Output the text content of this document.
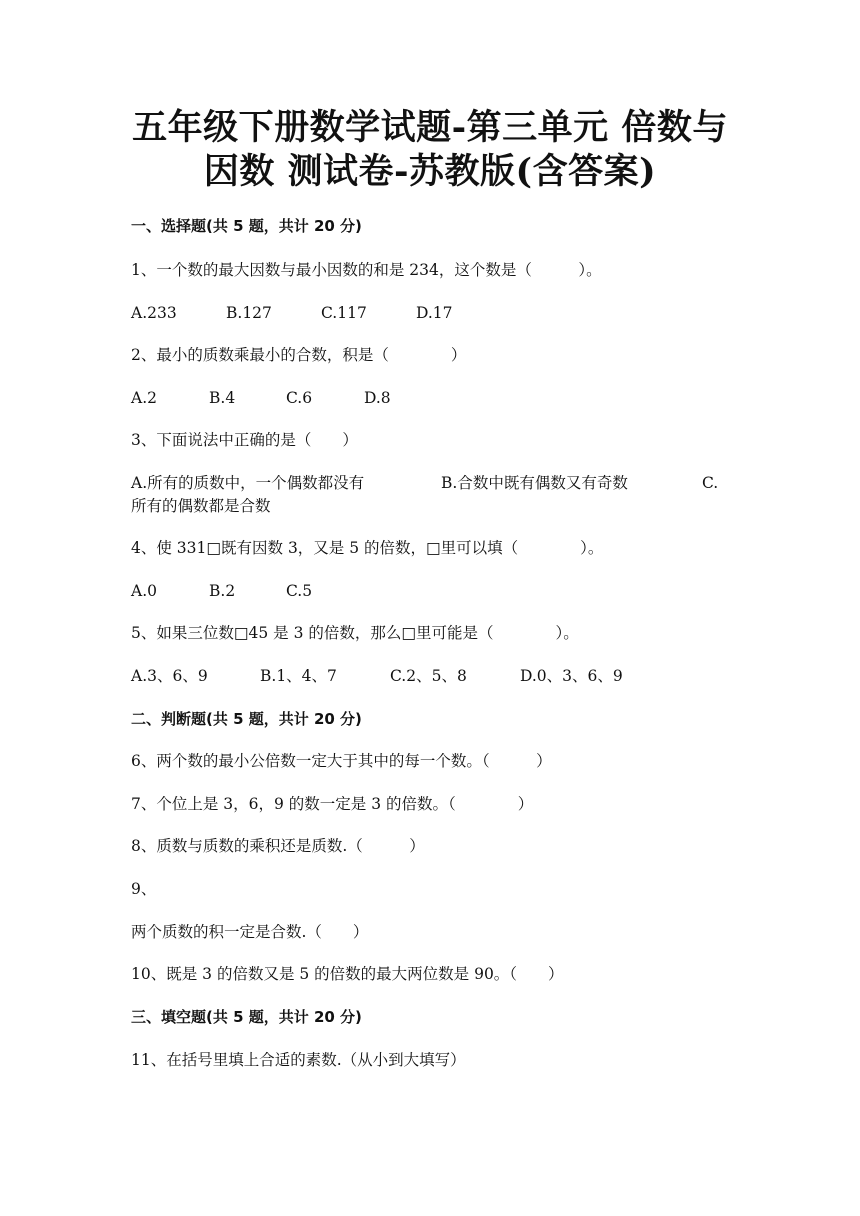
五年级下册数学试题-第三单元 倍数与
因数 测试卷-苏教版(含答案)
一、选择题(共 5 题，共计 20 分)
1、一个数的最大因数与最小因数的和是 234，这个数是（　　　）。
A.233	B.127	C.117	D.17
2、最小的质数乘最小的合数，积是（　　　　）
A.2	B.4	C.6	D.8
3、下面说法中正确的是（　　）
A.所有的质数中，一个偶数都没有	B.合数中既有偶数又有奇数	C.
所有的偶数都是合数
4、使 331□既有因数 3，又是 5 的倍数，□里可以填（　　　　）。
A.0	B.2	C.5
5、如果三位数□45 是 3 的倍数，那么□里可能是（　　　　）。
A.3、6、9	B.1、4、7	C.2、5、8	D.0、3、6、9
二、判断题(共 5 题，共计 20 分)
6、两个数的最小公倍数一定大于其中的每一个数。（　　　）
7、个位上是 3，6，9 的数一定是 3 的倍数。（　　　　）
8、质数与质数的乘积还是质数.（　　　）
9、
两个质数的积一定是合数.（　　）
10、既是 3 的倍数又是 5 的倍数的最大两位数是 90。（　　）
三、填空题(共 5 题，共计 20 分)
11、在括号里填上合适的素数.（从小到大填写）
